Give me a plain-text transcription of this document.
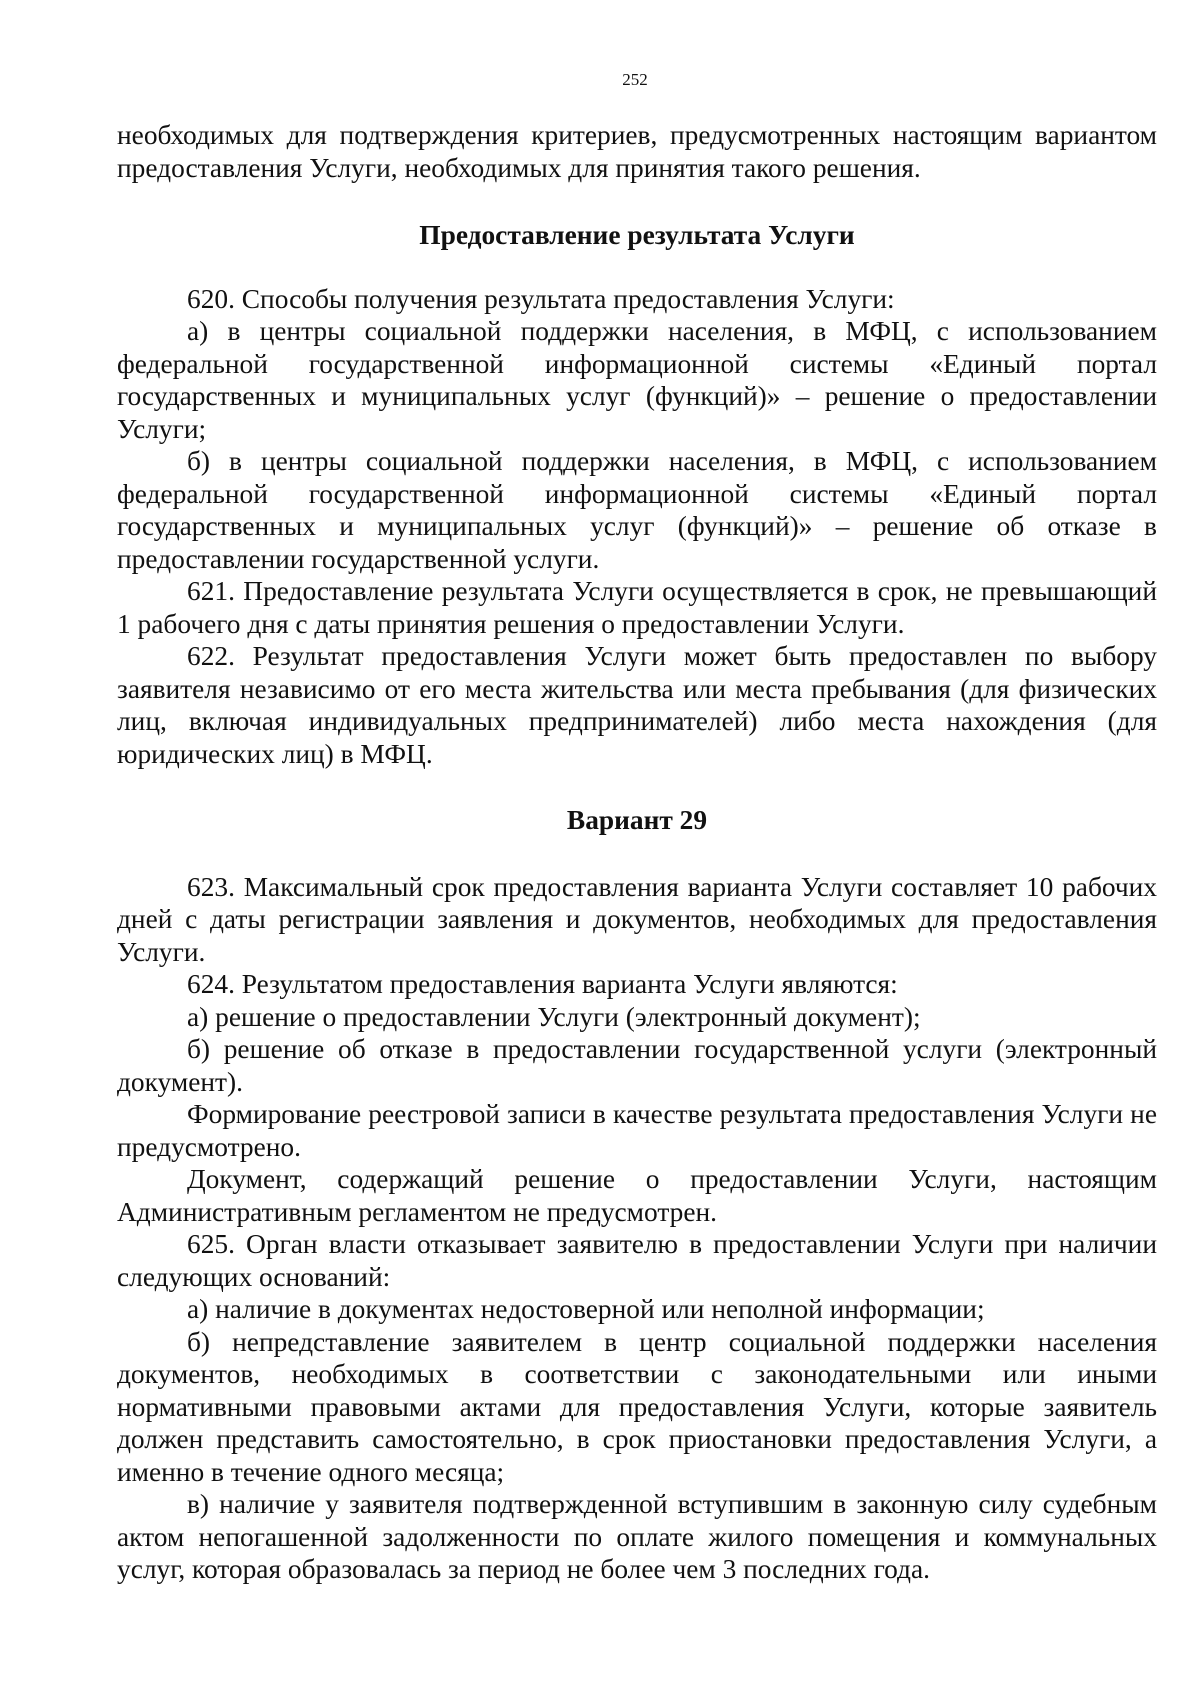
252

необходимых для подтверждения критериев, предусмотренных настоящим вариантом предоставления Услуги, необходимых для принятия такого решения.

Предоставление результата Услуги

620. Способы получения результата предоставления Услуги:

а) в центры социальной поддержки населения, в МФЦ, с использованием федеральной государственной информационной системы «Единый портал государственных и муниципальных услуг (функций)» – решение о предоставлении Услуги;

б) в центры социальной поддержки населения, в МФЦ, с использованием федеральной государственной информационной системы «Единый портал государственных и муниципальных услуг (функций)» – решение об отказе в предоставлении государственной услуги.

621. Предоставление результата Услуги осуществляется в срок, не превышающий 1 рабочего дня с даты принятия решения о предоставлении Услуги.

622. Результат предоставления Услуги может быть предоставлен по выбору заявителя независимо от его места жительства или места пребывания (для физических лиц, включая индивидуальных предпринимателей) либо места нахождения (для юридических лиц) в МФЦ.

Вариант 29

623. Максимальный срок предоставления варианта Услуги составляет 10 рабочих дней с даты регистрации заявления и документов, необходимых для предоставления Услуги.

624. Результатом предоставления варианта Услуги являются:

а) решение о предоставлении Услуги (электронный документ);

б) решение об отказе в предоставлении государственной услуги (электронный документ).

Формирование реестровой записи в качестве результата предоставления Услуги не предусмотрено.

Документ, содержащий решение о предоставлении Услуги, настоящим Административным регламентом не предусмотрен.

625. Орган власти отказывает заявителю в предоставлении Услуги при наличии следующих оснований:

а) наличие в документах недостоверной или неполной информации;

б) непредставление заявителем в центр социальной поддержки населения документов, необходимых в соответствии с законодательными или иными нормативными правовыми актами для предоставления Услуги, которые заявитель должен представить самостоятельно, в срок приостановки предоставления Услуги, а именно в течение одного месяца;

в) наличие у заявителя подтвержденной вступившим в законную силу судебным актом непогашенной задолженности по оплате жилого помещения и коммунальных услуг, которая образовалась за период не более чем 3 последних года.
